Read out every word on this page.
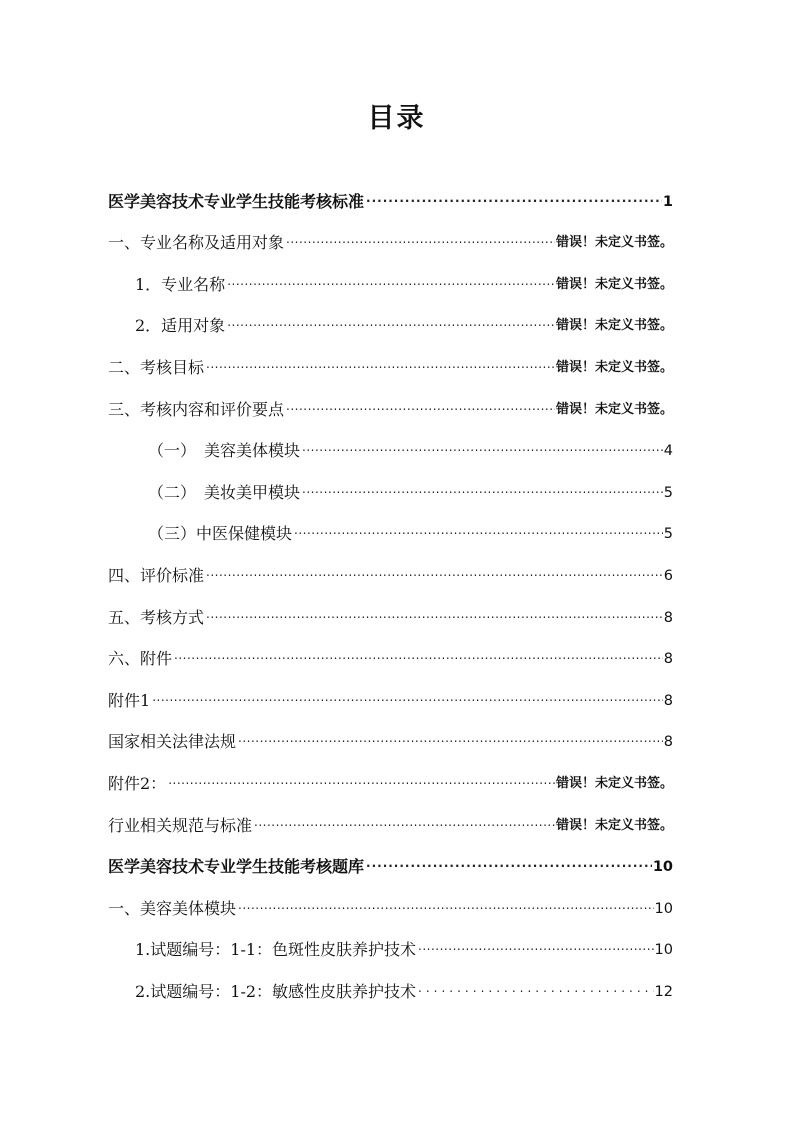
目录
医学美容技术专业学生技能考核标准 .....	1
一、专业名称及适用对象 .....	错误！未定义书签。
1．专业名称 .....	错误！未定义书签。
2．适用对象 .....	错误！未定义书签。
二、考核目标 .....	错误！未定义书签。
三、考核内容和评价要点 .....	错误！未定义书签。
（一）　美容美体模块 .....	4
（二）　美妆美甲模块 .....	5
（三）中医保健模块 .....	5
四、评价标准 .....	6
五、考核方式 .....	8
六、附件 .....	8
附件1 .....	8
国家相关法律法规 .....	8
附件2： .....	错误！未定义书签。
行业相关规范与标准 .....	错误！未定义书签。
医学美容技术专业学生技能考核题库 .....	10
一、美容美体模块 .....	10
1.试题编号：1-1：色斑性皮肤养护技术 .....	10
2.试题编号：1-2：敏感性皮肤养护技术 .....	12
